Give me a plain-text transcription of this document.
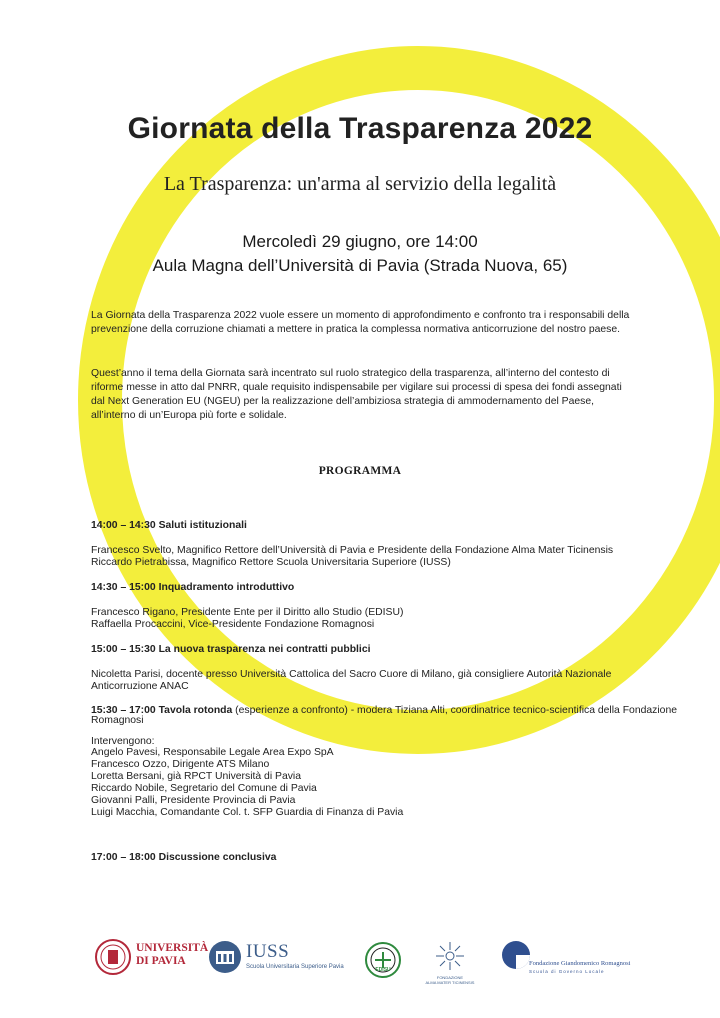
Giornata della Trasparenza 2022
La Trasparenza: un'arma al servizio della legalità
Mercoledì 29 giugno, ore 14:00
Aula Magna dell’Università di Pavia (Strada Nuova, 65)
La Giornata della Trasparenza 2022 vuole essere un momento di approfondimento e confronto tra i responsabili della prevenzione della corruzione chiamati a mettere in pratica la complessa normativa anticorruzione del nostro paese.
Quest’anno il tema della Giornata sarà incentrato sul ruolo strategico della trasparenza, all’interno del contesto di riforme messe in atto dal PNRR, quale requisito indispensabile per vigilare sui processi di spesa dei fondi assegnati dal Next Generation EU (NGEU) per la realizzazione dell’ambiziosa strategia di ammodernamento del Paese, all’interno di un’Europa più forte e solidale.
PROGRAMMA
14:00 – 14:30 Saluti istituzionali
Francesco Svelto, Magnifico Rettore dell’Università di Pavia e Presidente della Fondazione Alma Mater Ticinensis
Riccardo Pietrabissa, Magnifico Rettore Scuola Universitaria Superiore (IUSS)
14:30 – 15:00 Inquadramento introduttivo
Francesco Rigano, Presidente Ente per il Diritto allo Studio (EDISU)
Raffaella Procaccini, Vice-Presidente Fondazione Romagnosi
15:00 – 15:30 La nuova trasparenza nei contratti pubblici
Nicoletta Parisi, docente presso Università Cattolica del Sacro Cuore di Milano, già consigliere Autorità Nazionale
Anticorruzione ANAC
15:30 – 17:00 Tavola rotonda (esperienze a confronto) - modera Tiziana Alti, coordinatrice tecnico-scientifica della Fondazione
Romagnosi
Intervengono:
Angelo Pavesi, Responsabile Legale Area Expo SpA
Francesco Ozzo, Dirigente ATS Milano
Loretta Bersani, già RPCT Università di Pavia
Riccardo Nobile, Segretario del Comune di Pavia
Giovanni Palli, Presidente Provincia di Pavia
Luigi Macchia, Comandante Col. t. SFP Guardia di Finanza di Pavia
17:00 – 18:00 Discussione conclusiva
UNIVERSITÀ
DI PAVIA	IUSS
Scuola Universitaria Superiore Pavia	EDISU
FONDAZIONE
ALMA MATER TICINENSIS
Fondazione Giandomenico Romagnosi
Scuola di Governo Locale
